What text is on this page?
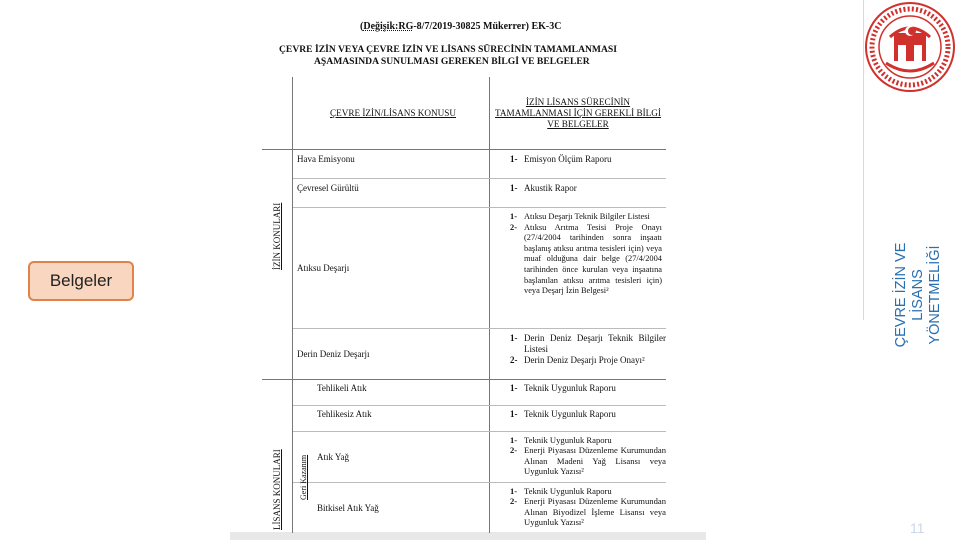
(Değişik:RG-8/7/2019-30825 Mükerrer) EK-3C
ÇEVRE İZİN VEYA ÇEVRE İZİN VE LİSANS SÜRECİNİN TAMAMLANMASI
AŞAMASINDA SUNULMASI GEREKEN BİLGİ VE BELGELER
	ÇEVRE İZİN/LİSANS KONUSU	İZİN LİSANS SÜRECİNİN TAMAMLANMASI İÇİN GEREKLİ BİLGİ VE BELGELER

İZİN KONULARI	Hava Emisyonu	1- Emisyon Ölçüm Raporu

	Çevresel Gürültü	1- Akustik Rapor

	Atıksu Deşarjı	1- Atıksu Deşarjı Teknik Bilgiler Listesi
2- Atıksu Arıtma Tesisi Proje Onayı (27/4/2004 tarihinden sonra inşaatı başlanış atıksu arıtma tesisleri için) veya muaf olduğuna dair belge (27/4/2004 tarihinden önce kurulan veya inşaatına başlanılan atıksu arıtma tesisleri için) veya Deşarj İzin Belgesi²

	Derin Deniz Deşarjı	1- Derin Deniz Deşarjı Teknik Bilgiler Listesi
2- Derin Deniz Deşarjı Proje Onayı²

LİSANS KONULARI Geri Kazanım	Tehlikeli Atık	1- Teknik Uygunluk Raporu

	Tehlikesiz Atık	1- Teknik Uygunluk Raporu

	Atık Yağ	1- Teknik Uygunluk Raporu
2- Enerji Piyasası Düzenleme Kurumundan Alınan Madeni Yağ Lisansı veya Uygunluk Yazısı²

	Bitkisel Atık Yağ	1- Teknik Uygunluk Raporu
2- Enerji Piyasası Düzenleme Kurumundan Alınan Biyodizel İşleme Lisansı veya Uygunluk Yazısı²
Belgeler	ÇEVRE İZİN VE LİSANS YÖNETMELİĞİ
11
